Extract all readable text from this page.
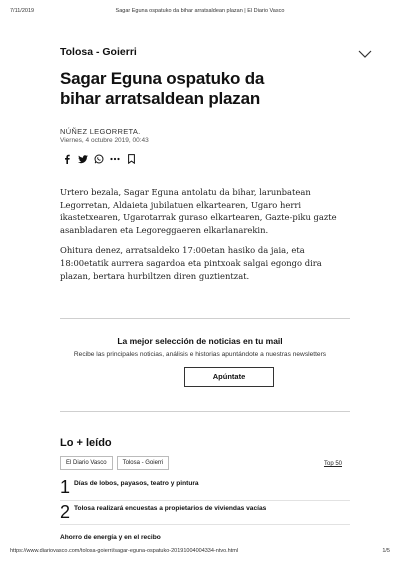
7/11/2019	Sagar Eguna ospatuko da bihar arratsaldean plazan | El Diario Vasco
Tolosa - Goierri
Sagar Eguna ospatuko da bihar arratsaldean plazan
NÚÑEZ LEGORRETA.
Viernes, 4 octubre 2019, 00:43

Urtero bezala, Sagar Eguna antolatu da bihar, larunbatean Legorretan, Aldaieta jubilatuen elkartearen, Ugaro herri ikastetxearen, Ugarotarrak guraso elkartearen, Gazte-piku gazte asanbladaren eta Legoreggaeren elkarlanarekin.

Ohitura denez, arratsaldeko 17:00etan hasiko da jaia, eta 18:00etatik aurrera sagardoa eta pintxoak salgai egongo dira plazan, bertara hurbiltzen diren guztientzat.

La mejor selección de noticias en tu mail
Recibe las principales noticias, análisis e historias apuntándote a nuestras newsletters
Apúntate
Lo + leído
El Diario Vasco	Tolosa - Goierri	Top 50
1 Días de lobos, payasos, teatro y pintura
2 Tolosa realizará encuestas a propietarios de viviendas vacías
Ahorro de energía y en el recibo
https://www.diariovasco.com/tolosa-goierri/sagar-eguna-ospatuko-20191004004334-ntvo.html	1/5
